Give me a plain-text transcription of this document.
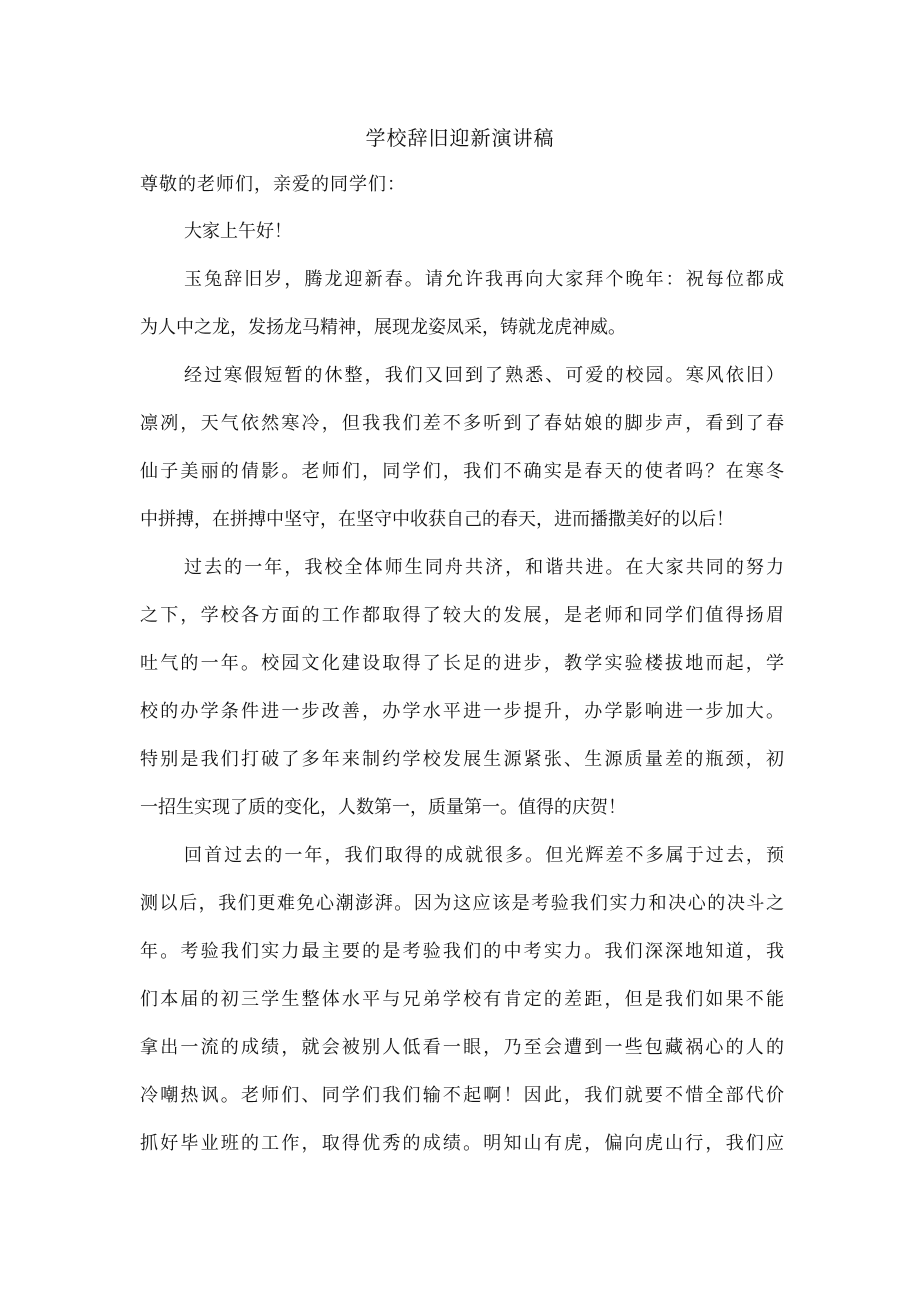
学校辞旧迎新演讲稿
尊敬的老师们，亲爱的同学们：
大家上午好！
玉兔辞旧岁，腾龙迎新春。请允许我再向大家拜个晚年：祝每位都成
为人中之龙，发扬龙马精神，展现龙姿凤采，铸就龙虎神威。
经过寒假短暂的休整，我们又回到了熟悉、可爱的校园。寒风依旧）
凛冽，天气依然寒冷，但我我们差不多听到了春姑娘的脚步声，看到了春
仙子美丽的倩影。老师们，同学们，我们不确实是春天的使者吗？在寒冬
中拼搏，在拼搏中坚守，在坚守中收获自己的春天，进而播撒美好的以后！
过去的一年，我校全体师生同舟共济，和谐共进。在大家共同的努力
之下，学校各方面的工作都取得了较大的发展，是老师和同学们值得扬眉
吐气的一年。校园文化建设取得了长足的进步，教学实验楼拔地而起，学
校的办学条件进一步改善，办学水平进一步提升，办学影响进一步加大。
特别是我们打破了多年来制约学校发展生源紧张、生源质量差的瓶颈，初
一招生实现了质的变化，人数第一，质量第一。值得的庆贺！
回首过去的一年，我们取得的成就很多。但光辉差不多属于过去，预
测以后，我们更难免心潮澎湃。因为这应该是考验我们实力和决心的决斗之
年。考验我们实力最主要的是考验我们的中考实力。我们深深地知道，我
们本届的初三学生整体水平与兄弟学校有肯定的差距，但是我们如果不能
拿出一流的成绩，就会被别人低看一眼，乃至会遭到一些包藏祸心的人的
冷嘲热讽。老师们、同学们我们输不起啊！因此，我们就要不惜全部代价
抓好毕业班的工作，取得优秀的成绩。明知山有虎，偏向虎山行，我们应
